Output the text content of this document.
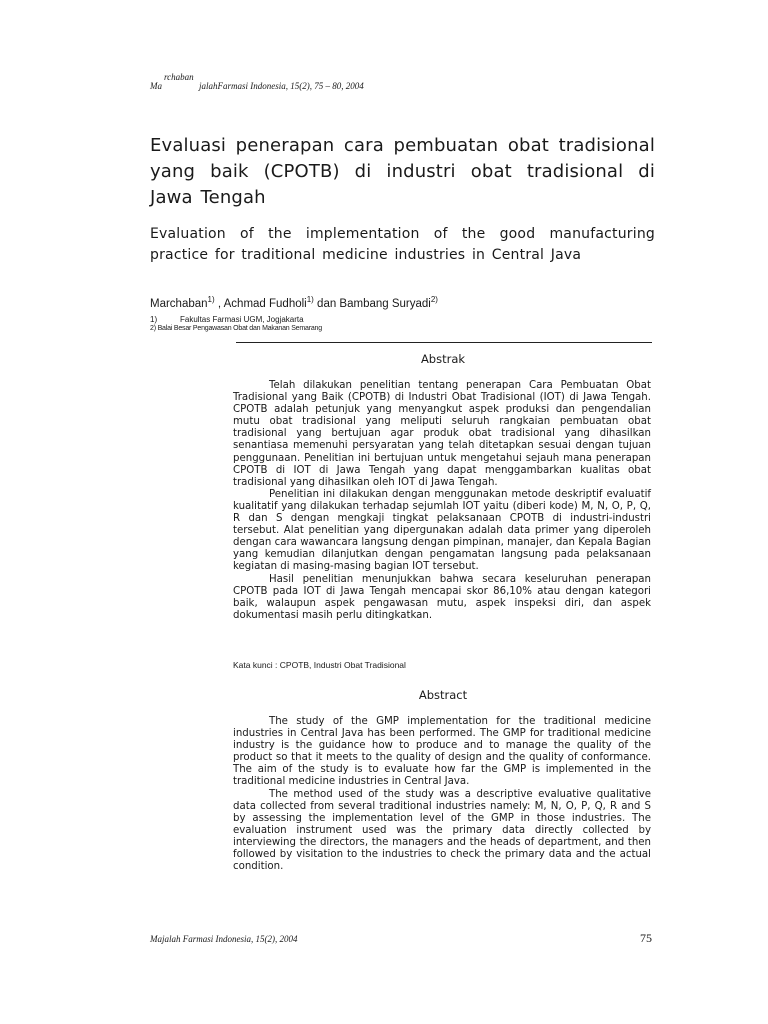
Ma
rchaban
jalahFarmasi Indonesia, 15(2), 75 – 80, 2004
Evaluasi penerapan cara pembuatan obat tradisional yang baik (CPOTB) di industri obat tradisional di Jawa Tengah
Evaluation of the implementation of the good manufacturing practice for traditional medicine industries in Central Java
Marchaban$^{1)}$ , Achmad Fudholi$^{1)}$ dan Bambang Suryadi$^{2)}$
1)	Fakultas Farmasi UGM, Jogjakarta
2) Balai Besar Pengawasan Obat dan Makanan Semarang
Abstrak

Telah dilakukan penelitian tentang penerapan Cara Pembuatan Obat Tradisional yang Baik (CPOTB) di Industri Obat Tradisional (IOT) di Jawa Tengah. CPOTB adalah petunjuk yang menyangkut aspek produksi dan pengendalian mutu obat tradisional yang meliputi seluruh rangkaian pembuatan obat tradisional yang bertujuan agar produk obat tradisional yang dihasilkan senantiasa memenuhi persyaratan yang telah ditetapkan sesuai dengan tujuan penggunaan. Penelitian ini bertujuan untuk mengetahui sejauh mana penerapan CPOTB di IOT di Jawa Tengah yang dapat menggambarkan kualitas obat tradisional yang dihasilkan oleh IOT di Jawa Tengah.

Penelitian ini dilakukan dengan menggunakan metode deskriptif evaluatif kualitatif yang dilakukan terhadap sejumlah IOT yaitu (diberi kode) M, N, O, P, Q, R dan S dengan mengkaji tingkat pelaksanaan CPOTB di industri-industri tersebut. Alat penelitian yang dipergunakan adalah data primer yang diperoleh dengan cara wawancara langsung dengan pimpinan, manajer, dan Kepala Bagian yang kemudian dilanjutkan dengan pengamatan langsung pada pelaksanaan kegiatan di masing-masing bagian IOT tersebut.

Hasil penelitian menunjukkan bahwa secara keseluruhan penerapan CPOTB pada IOT di Jawa Tengah mencapai skor 86,10% atau dengan kategori baik, walaupun aspek pengawasan mutu, aspek inspeksi diri, dan aspek dokumentasi masih perlu ditingkatkan.

Kata kunci : CPOTB, Industri Obat Tradisional
Abstract

The study of the GMP implementation for the traditional medicine industries in Central Java has been performed. The GMP for traditional medicine industry is the guidance how to produce and to manage the quality of the product so that it meets to the quality of design and the quality of conformance. The aim of the study is to evaluate how far the GMP is implemented in the traditional medicine industries in Central Java.

The method used of the study was a descriptive evaluative qualitative data collected from several traditional industries namely: M, N, O, P, Q, R and S by assessing the implementation level of the GMP in those industries. The evaluation instrument used was the primary data directly collected by interviewing the directors, the managers and the heads of department, and then followed by visitation to the industries to check the primary data and the actual condition.

Majalah Farmasi Indonesia, 15(2), 2004	75
